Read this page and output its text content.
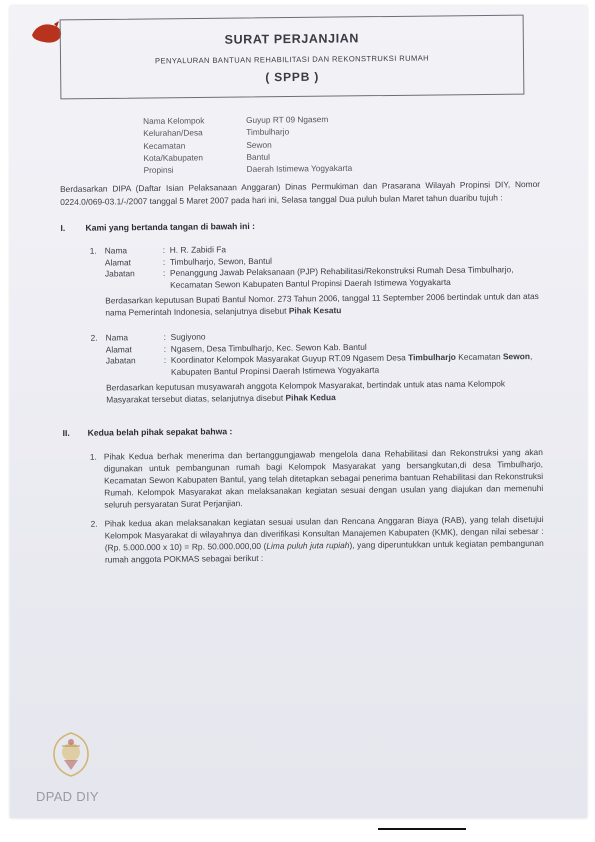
SURAT PERJANJIAN
PENYALURAN BANTUAN REHABILITASI DAN REKONSTRUKSI RUMAH
( SPPB )
Nama Kelompok	Guyup RT 09 Ngasem
Kelurahan/Desa	Timbulharjo
Kecamatan	Sewon
Kota/Kabupaten	Bantul
Propinsi	Daerah Istimewa Yogyakarta
Berdasarkan DIPA (Daftar Isian Pelaksanaan Anggaran) Dinas Permukiman dan Prasarana Wilayah Propinsi DIY, Nomor 0224.0/069-03.1/-/2007 tanggal 5 Maret 2007 pada hari ini, Selasa tanggal Dua puluh bulan Maret tahun duaribu tujuh :
I.	Kami yang bertanda tangan di bawah ini :
1. Nama	: H. R. Zabidi Fa
Alamat	: Timbulharjo, Sewon, Bantul
Jabatan	: Penanggung Jawab Pelaksanaan (PJP) Rehabilitasi/Rekonstruksi Rumah Desa Timbulharjo, Kecamatan Sewon Kabupaten Bantul Propinsi Daerah Istimewa Yogyakarta
Berdasarkan keputusan Bupati Bantul Nomor. 273 Tahun 2006, tanggal 11 September 2006 bertindak untuk dan atas nama Pemerintah Indonesia, selanjutnya disebut Pihak Kesatu
2. Nama	: Sugiyono
Alamat	: Ngasem, Desa Timbulharjo, Kec. Sewon Kab. Bantul
Jabatan	: Koordinator Kelompok Masyarakat Guyup RT.09 Ngasem Desa Timbulharjo Kecamatan Sewon, Kabupaten Bantul Propinsi Daerah Istimewa Yogyakarta
Berdasarkan keputusan musyawarah anggota Kelompok Masyarakat, bertindak untuk atas nama Kelompok Masyarakat tersebut diatas, selanjutnya disebut Pihak Kedua
II.	Kedua belah pihak sepakat bahwa :
1. Pihak Kedua berhak menerima dan bertanggungjawab mengelola dana Rehabilitasi dan Rekonstruksi yang akan digunakan untuk pembangunan rumah bagi Kelompok Masyarakat yang bersangkutan,di desa Timbulharjo, Kecamatan Sewon Kabupaten Bantul, yang telah ditetapkan sebagai penerima bantuan Rehabilitasi dan Rekonstruksi Rumah. Kelompok Masyarakat akan melaksanakan kegiatan sesuai dengan usulan yang diajukan dan memenuhi seluruh persyaratan Surat Perjanjian.
2. Pihak kedua akan melaksanakan kegiatan sesuai usulan dan Rencana Anggaran Biaya (RAB), yang telah disetujui Kelompok Masyarakat di wilayahnya dan diverifikasi Konsultan Manajemen Kabupaten (KMK), dengan nilai sebesar : (Rp. 5.000.000 x 10) = Rp. 50.000.000,00 (Lima puluh juta rupiah), yang diperuntukkan untuk kegiatan pembangunan rumah anggota POKMAS sebagai berikut :
DPAD DIY
